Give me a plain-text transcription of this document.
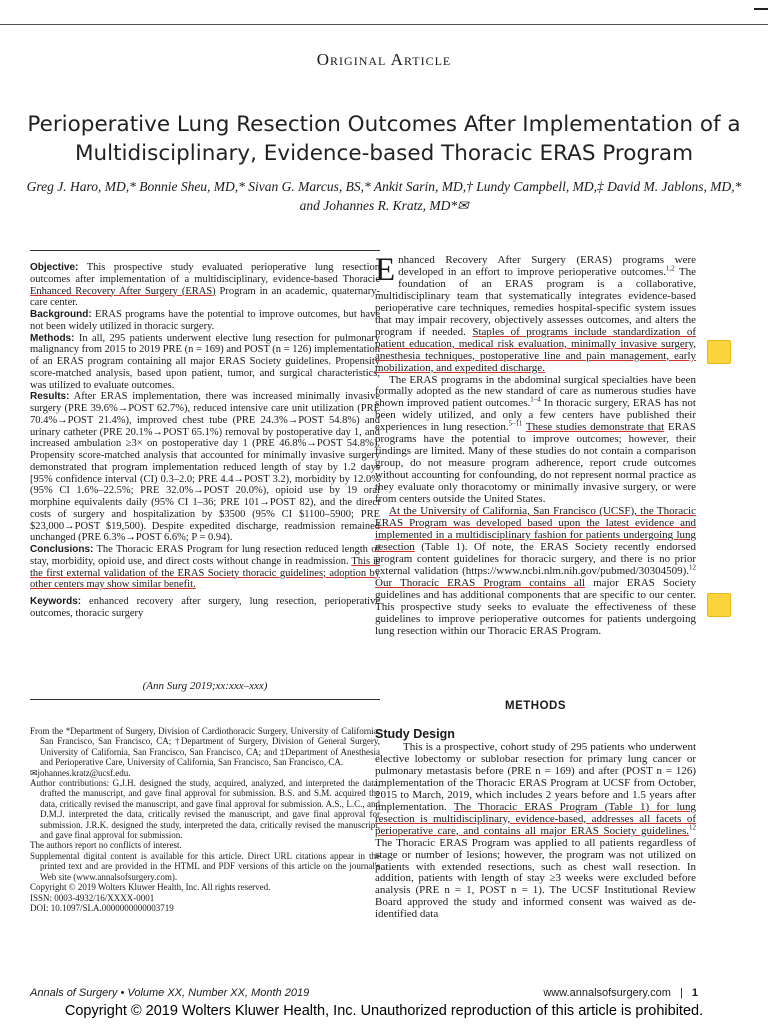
Original Article
Perioperative Lung Resection Outcomes After Implementation of a Multidisciplinary, Evidence-based Thoracic ERAS Program
Greg J. Haro, MD,* Bonnie Sheu, MD,* Sivan G. Marcus, BS,* Ankit Sarin, MD,† Lundy Campbell, MD,‡ David M. Jablons, MD,* and Johannes R. Kratz, MD*✉

Objective: This prospective study evaluated perioperative lung resection outcomes after implementation of a multidisciplinary, evidence-based Thoracic Enhanced Recovery After Surgery (ERAS) Program in an academic, quaternary-care center.

Background: ERAS programs have the potential to improve outcomes, but have not been widely utilized in thoracic surgery.

Methods: In all, 295 patients underwent elective lung resection for pulmonary malignancy from 2015 to 2019 PRE (n = 169) and POST (n = 126) implementation of an ERAS program containing all major ERAS Society guidelines. Propensity score-matched analysis, based upon patient, tumor, and surgical characteristics, was utilized to evaluate outcomes.

Results: After ERAS implementation, there was increased minimally invasive surgery (PRE 39.6%→POST 62.7%), reduced intensive care unit utilization (PRE 70.4%→POST 21.4%), improved chest tube (PRE 24.3%→POST 54.8%) and urinary catheter (PRE 20.1%→POST 65.1%) removal by postoperative day 1, and increased ambulation ≥3× on postoperative day 1 (PRE 46.8%→POST 54.8%). Propensity score-matched analysis that accounted for minimally invasive surgery demonstrated that program implementation reduced length of stay by 1.2 days [95% confidence interval (CI) 0.3–2.0; PRE 4.4→POST 3.2), morbidity by 12.0% (95% CI 1.6%–22.5%; PRE 32.0%→POST 20.0%), opioid use by 19 oral morphine equivalents daily (95% CI 1–36; PRE 101→POST 82), and the direct costs of surgery and hospitalization by $3500 (95% CI $1100–5900; PRE $23,000→POST $19,500). Despite expedited discharge, readmission remained unchanged (PRE 6.3%→POST 6.6%; P = 0.94).

Conclusions: The Thoracic ERAS Program for lung resection reduced length of stay, morbidity, opioid use, and direct costs without change in readmission. This is the first external validation of the ERAS Society thoracic guidelines; adoption by other centers may show similar benefit.

Keywords: enhanced recovery after surgery, lung resection, perioperative outcomes, thoracic surgery

(Ann Surg 2019;xx:xxx–xxx)

From the *Department of Surgery, Division of Cardiothoracic Surgery, University of California, San Francisco, San Francisco, CA; †Department of Surgery, Division of General Surgery, University of California, San Francisco, San Francisco, CA; and ‡Department of Anesthesia and Perioperative Care, University of California, San Francisco, San Francisco, CA.

✉johannes.kratz@ucsf.edu.

Author contributions: G.J.H. designed the study, acquired, analyzed, and interpreted the data, drafted the manuscript, and gave final approval for submission. B.S. and S.M. acquired the data, critically revised the manuscript, and gave final approval for submission. A.S., L.C., and D.M.J. interpreted the data, critically revised the manuscript, and gave final approval for submission. J.R.K. designed the study, interpreted the data, critically revised the manuscript, and gave final approval for submission.

The authors report no conflicts of interest.

Supplemental digital content is available for this article. Direct URL citations appear in the printed text and are provided in the HTML and PDF versions of this article on the journal's Web site (www.annalsofsurgery.com).

Copyright © 2019 Wolters Kluwer Health, Inc. All rights reserved.

ISSN: 0003-4932/16/XXXX-0001

DOI: 10.1097/SLA.0000000000003719

Enhanced Recovery After Surgery (ERAS) programs were developed in an effort to improve perioperative outcomes.$^{1,2}$ The foundation of an ERAS program is a collaborative, multidisciplinary team that systematically integrates evidence-based perioperative care techniques, remedies hospital-specific system issues that may impair recovery, objectively assesses outcomes, and alters the program if needed. Staples of programs include standardization of patient education, medical risk evaluation, minimally invasive surgery, anesthesia techniques, postoperative line and pain management, early mobilization, and expedited discharge.

The ERAS programs in the abdominal surgical specialties have been formally adopted as the new standard of care as numerous studies have shown improved patient outcomes.$^{1-4}$ In thoracic surgery, ERAS has not been widely utilized, and only a few centers have published their experiences in lung resection.$^{5-11}$ These studies demonstrate that ERAS programs have the potential to improve outcomes; however, their findings are limited. Many of these studies do not contain a comparison group, do not measure program adherence, report crude outcomes without accounting for confounding, do not represent normal practice as they evaluate only thoracotomy or minimally invasive surgery, or were from centers outside the United States.

At the University of California, San Francisco (UCSF), the Thoracic ERAS Program was developed based upon the latest evidence and implemented in a multidisciplinary fashion for patients undergoing lung resection (Table 1). Of note, the ERAS Society recently endorsed program content guidelines for thoracic surgery, and there is no prior external validation (https://www.ncbi.nlm.nih.gov/pubmed/30304509).$^{12}$ Our Thoracic ERAS Program contains all major ERAS Society guidelines and has additional components that are specific to our center. This prospective study seeks to evaluate the effectiveness of these guidelines to improve perioperative outcomes for patients undergoing lung resection within our Thoracic ERAS Program.

METHODS
Study Design

This is a prospective, cohort study of 295 patients who underwent elective lobectomy or sublobar resection for primary lung cancer or pulmonary metastasis before (PRE n = 169) and after (POST n = 126) implementation of the Thoracic ERAS Program at UCSF from October, 2015 to March, 2019, which includes 2 years before and 1.5 years after implementation. The Thoracic ERAS Program (Table 1) for lung resection is multidisciplinary, evidence-based, addresses all facets of perioperative care, and contains all major ERAS Society guidelines.$^{12}$ The Thoracic ERAS Program was applied to all patients regardless of stage or number of lesions; however, the program was not utilized on patients with extended resections, such as chest wall resection. In addition, patients with length of stay ≥3 weeks were excluded before analysis (PRE n = 1, POST n = 1). The UCSF Institutional Review Board approved the study and informed consent was waived as de-identified data

Annals of Surgery • Volume XX, Number XX, Month 2019	www.annalsofsurgery.com | 1
Copyright © 2019 Wolters Kluwer Health, Inc. Unauthorized reproduction of this article is prohibited.
